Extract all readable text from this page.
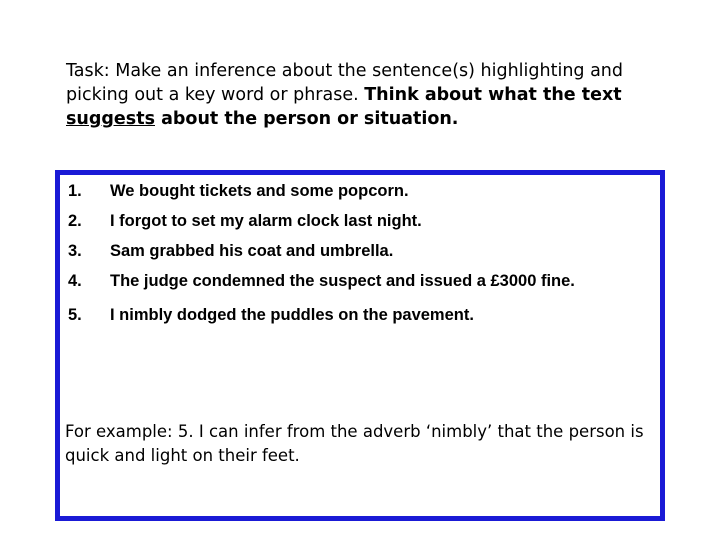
Task: Make an inference about the sentence(s) highlighting and picking out a key word or phrase. Think about what the text suggests about the person or situation.
1. We bought tickets and some popcorn.
2. I forgot to set my alarm clock last night.
3. Sam grabbed his coat and umbrella.
4. The judge condemned the suspect and issued a £3000 fine.
5. I nimbly dodged the puddles on the pavement.
For example: 5. I can infer from the adverb ‘nimbly’ that the person is quick and light on their feet.
